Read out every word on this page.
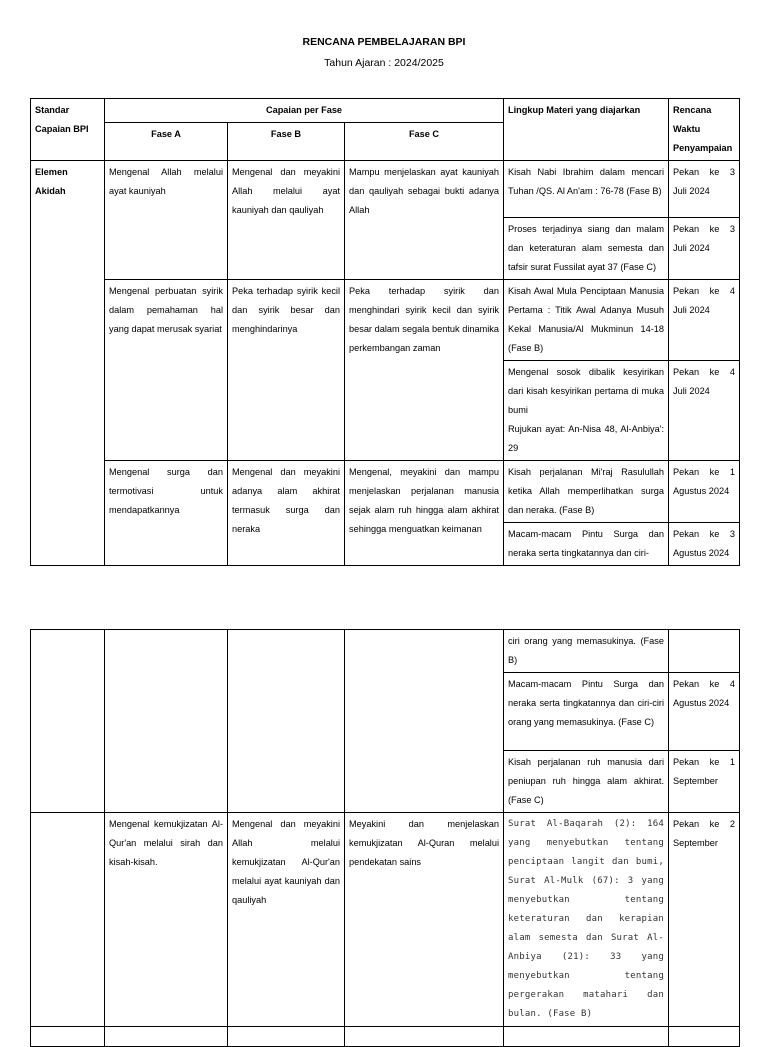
RENCANA PEMBELAJARAN BPI
Tahun Ajaran : 2024/2025
Standar Capaian BPI	Capaian per Fase			Lingkup Materi yang diajarkan	Rencana Waktu Penyampaian
	Fase A	Fase B	Fase C		
Elemen Akidah	Mengenal Allah melalui ayat kauniyah	Mengenal dan meyakini Allah melalui ayat kauniyah dan qauliyah	Mampu menjelaskan ayat kauniyah dan qauliyah sebagai bukti adanya Allah	Kisah Nabi Ibrahim dalam mencari Tuhan /QS. Al An'am : 76-78 (Fase B)	Pekan ke 3 Juli 2024
				Proses terjadinya siang dan malam dan keteraturan alam semesta dan tafsir surat Fussilat ayat 37 (Fase C)	Pekan ke 3 Juli 2024
	Mengenal perbuatan syirik dalam pemahaman hal yang dapat merusak syariat	Peka terhadap syirik kecil dan syirik besar dan menghindarinya	Peka terhadap syirik dan menghindari syirik kecil dan syirik besar dalam segala bentuk dinamika perkembangan zaman	Kisah Awal Mula Penciptaan Manusia Pertama : Titik Awal Adanya Musuh Kekal Manusia/Al Mukminun 14-18 (Fase B)	Pekan ke 4 Juli 2024

				Mengenal sosok dibalik kesyirikan dari kisah kesyirikan pertama di muka bumi
Rujukan ayat: An-Nisa 48, Al-Anbiya': 29	Pekan ke 4 Juli 2024
	Mengenal surga dan termotivasi untuk mendapatkannya	Mengenal dan meyakini adanya alam akhirat termasuk surga dan neraka	Mengenal, meyakini dan mampu menjelaskan perjalanan manusia sejak alam ruh hingga alam akhirat sehingga menguatkan keimanan	Kisah perjalanan Mi'raj Rasulullah ketika Allah memperlihatkan surga dan neraka. (Fase B)	Pekan ke 1 Agustus 2024
				Macam-macam Pintu Surga dan neraka serta tingkatannya dan ciri-	Pekan ke 3 Agustus 2024
				ciri orang yang memasukinya. (Fase B)	
				Macam-macam Pintu Surga dan neraka serta tingkatannya dan ciri-ciri orang yang memasukinya. (Fase C)	Pekan ke 4 Agustus 2024
				Kisah perjalanan ruh manusia dari peniupan ruh hingga alam akhirat. (Fase C)	Pekan ke 1 September
	Mengenal kemukjizatan Al-Qur'an melalui sirah dan kisah-kisah.	Mengenal dan meyakini Allah melalui kemukjizatan Al-Qur'an melalui ayat kauniyah dan qauliyah	Meyakini dan menjelaskan kemukjizatan Al-Quran melalui pendekatan sains	Surat Al-Baqarah (2): 164 yang menyebutkan tentang penciptaan langit dan bumi, Surat Al-Mulk (67): 3 yang menyebutkan tentang keteraturan dan kerapian alam semesta dan Surat Al-Anbiya (21): 33 yang menyebutkan tentang pergerakan matahari dan bulan. (Fase B)	Pekan ke 2 September
